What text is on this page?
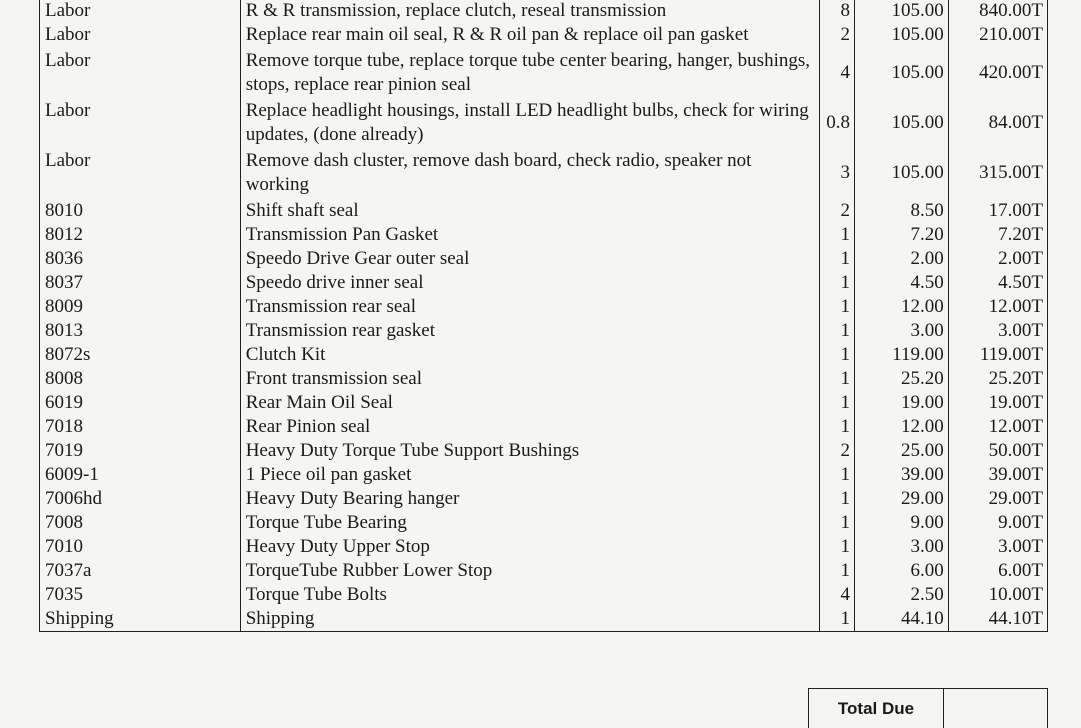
Labor	R & R transmission, replace clutch, reseal transmission	8	105.00	840.00T
Labor	Replace rear main oil seal, R & R oil pan & replace oil pan gasket	2	105.00	210.00T
Labor	Remove torque tube, replace torque tube center bearing, hanger, bushings, stops, replace rear pinion seal	4	105.00	420.00T
Labor	Replace headlight housings, install LED headlight bulbs, check for wiring updates, (done already)	0.8	105.00	84.00T
Labor	Remove dash cluster, remove dash board, check radio, speaker not working	3	105.00	315.00T
8010	Shift shaft seal	2	8.50	17.00T
8012	Transmission Pan Gasket	1	7.20	7.20T
8036	Speedo Drive Gear outer seal	1	2.00	2.00T
8037	Speedo drive inner seal	1	4.50	4.50T
8009	Transmission rear seal	1	12.00	12.00T
8013	Transmission rear gasket	1	3.00	3.00T
8072s	Clutch Kit	1	119.00	119.00T
8008	Front transmission seal	1	25.20	25.20T
6019	Rear Main Oil Seal	1	19.00	19.00T
7018	Rear Pinion seal	1	12.00	12.00T
7019	Heavy Duty Torque Tube Support Bushings	2	25.00	50.00T
6009-1	1 Piece oil pan gasket	1	39.00	39.00T
7006hd	Heavy Duty Bearing hanger	1	29.00	29.00T
7008	Torque Tube Bearing	1	9.00	9.00T
7010	Heavy Duty Upper Stop	1	3.00	3.00T
7037a	TorqueTube Rubber Lower Stop	1	6.00	6.00T
7035	Torque Tube Bolts	4	2.50	10.00T
Shipping	Shipping	1	44.10	44.10T
Total Due
